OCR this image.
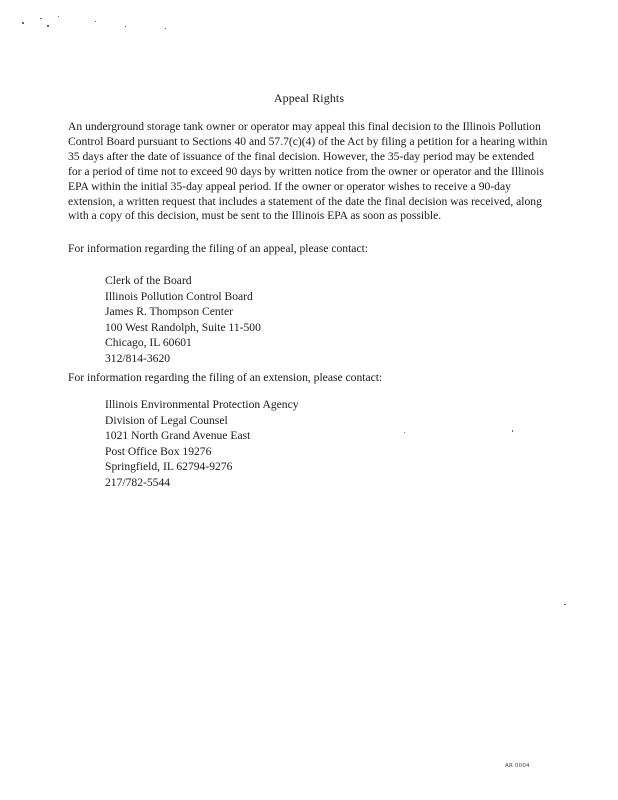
Appeal Rights

An underground storage tank owner or operator may appeal this final decision to the Illinois Pollution Control Board pursuant to Sections 40 and 57.7(c)(4) of the Act by filing a petition for a hearing within 35 days after the date of issuance of the final decision. However, the 35-day period may be extended for a period of time not to exceed 90 days by written notice from the owner or operator and the Illinois EPA within the initial 35-day appeal period. If the owner or operator wishes to receive a 90-day extension, a written request that includes a statement of the date the final decision was received, along with a copy of this decision, must be sent to the Illinois EPA as soon as possible.

For information regarding the filing of an appeal, please contact:

Clerk of the Board
Illinois Pollution Control Board
James R. Thompson Center
100 West Randolph, Suite 11-500
Chicago, IL 60601
312/814-3620

For information regarding the filing of an extension, please contact:

Illinois Environmental Protection Agency
Division of Legal Counsel
1021 North Grand Avenue East
Post Office Box 19276
Springfield, IL 62794-9276
217/782-5544
AR 0004
